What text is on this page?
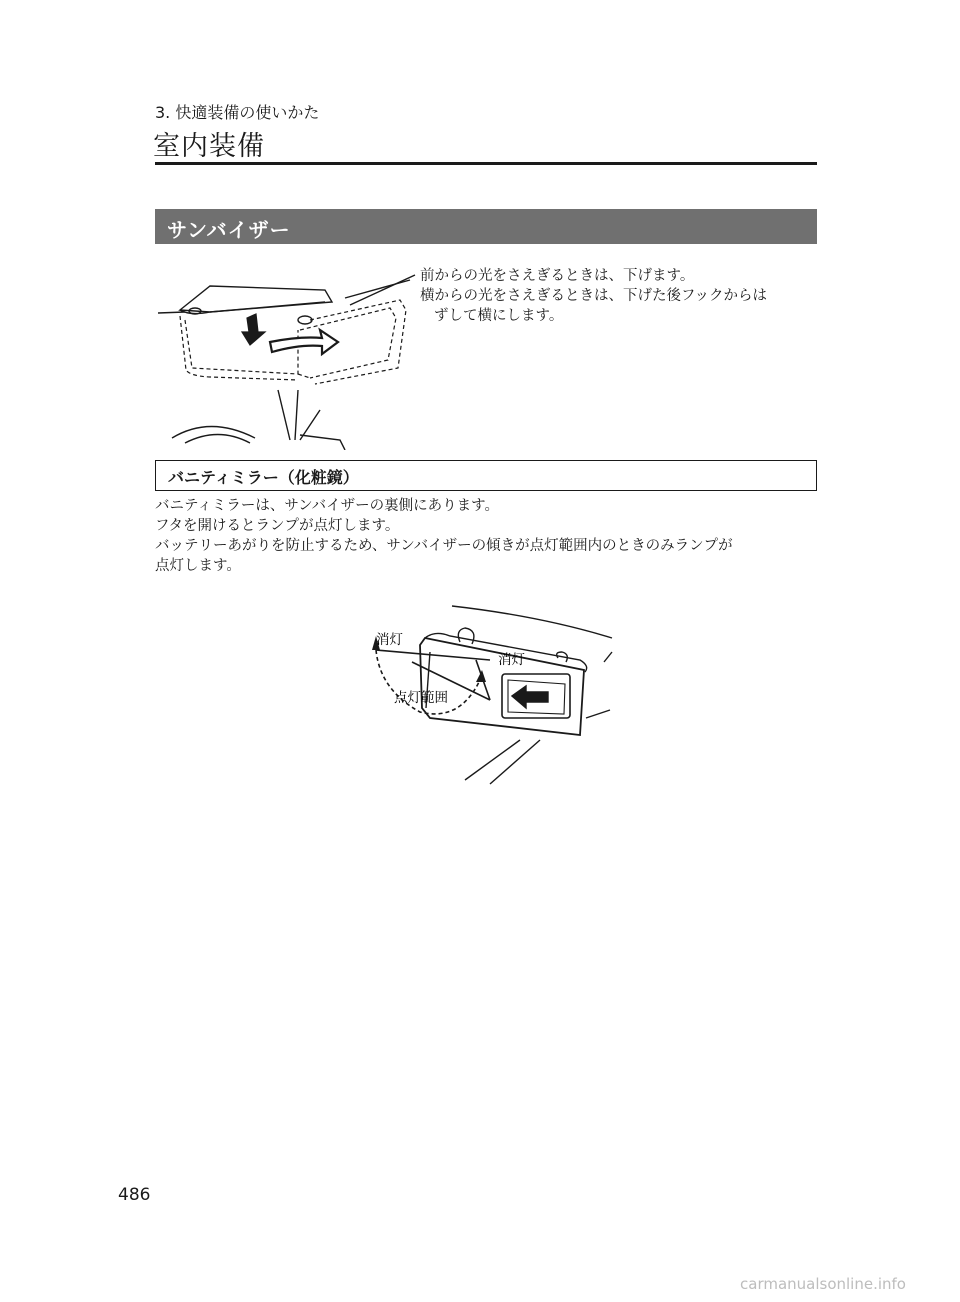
3. 快適装備の使いかた
室内装備
サンバイザー
前からの光をさえぎるときは、下げます。
横からの光をさえぎるときは、下げた後フックからは
ずして横にします。
バニティミラー（化粧鏡）
バニティミラーは、サンバイザーの裏側にあります。
フタを開けるとランプが点灯します。
バッテリーあがりを防止するため、サンバイザーの傾きが点灯範囲内のときのみランプが
点灯します。
消灯
消灯
点灯範囲
486
carmanualsonline.info
